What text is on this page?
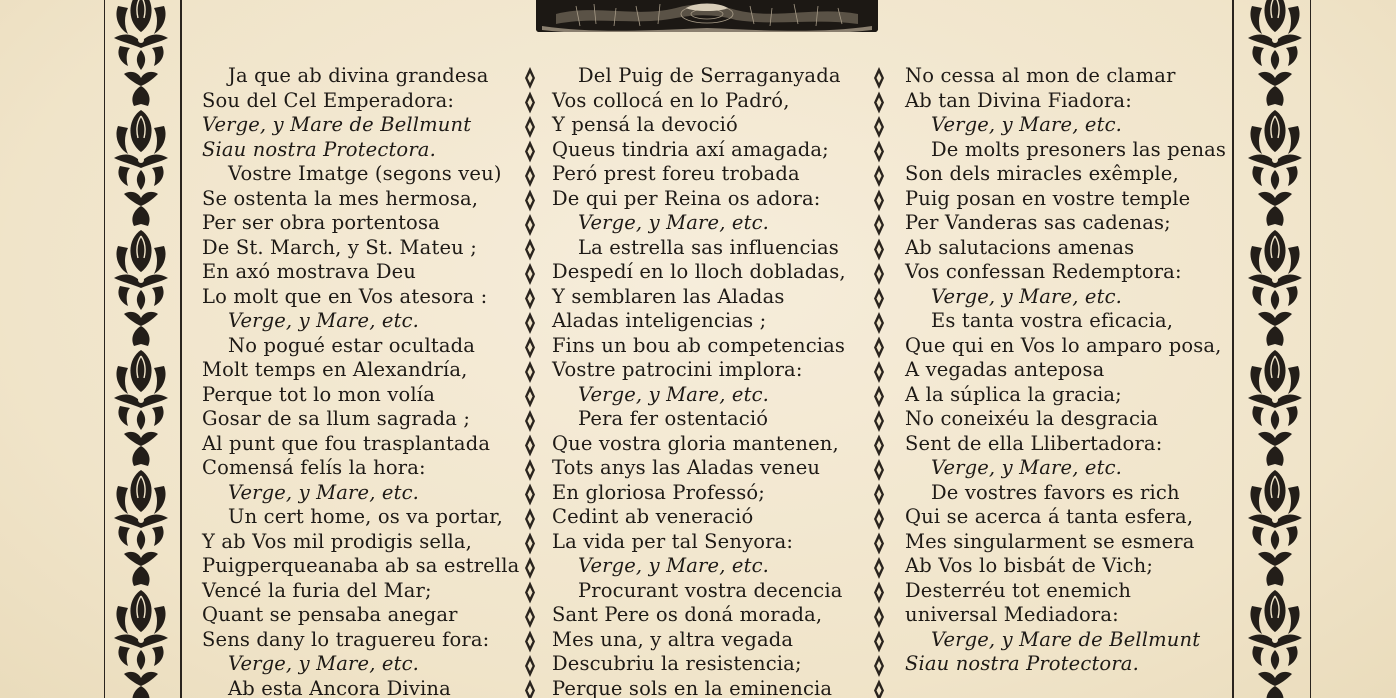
Ja que ab divina grandesa
Sou del Cel Emperadora:
Verge, y Mare de Bellmunt
Siau nostra Protectora.
Vostre Imatge (segons veu)
Se ostenta la mes hermosa,
Per ser obra portentosa
De St. March, y St. Mateu ;
En axó mostrava Deu
Lo molt que en Vos atesora :
Verge, y Mare, etc.
No pogué estar ocultada
Molt temps en Alexandría,
Perque tot lo mon volía
Gosar de sa llum sagrada ;
Al punt que fou trasplantada
Comensá felís la hora:
Verge, y Mare, etc.
Un cert home, os va portar,
Y ab Vos mil prodigis sella,
Puigperqueanaba ab sa estrella
Vencé la furia del Mar;
Quant se pensaba anegar
Sens dany lo traguereu fora:
Verge, y Mare, etc.
Ab esta Ancora Divina
Del Puig de Serraganyada
Vos collocá en lo Padró,
Y pensá la devoció
Queus tindria axí amagada;
Peró prest foreu trobada
De qui per Reina os adora:
Verge, y Mare, etc.
La estrella sas influencias
Despedí en lo lloch dobladas,
Y semblaren las Aladas
Aladas inteligencias ;
Fins un bou ab competencias
Vostre patrocini implora:
Verge, y Mare, etc.
Pera fer ostentació
Que vostra gloria mantenen,
Tots anys las Aladas veneu
En gloriosa Professó;
Cedint ab veneració
La vida per tal Senyora:
Verge, y Mare, etc.
Procurant vostra decencia
Sant Pere os doná morada,
Mes una, y altra vegada
Descubriu la resistencia;
Perque sols en la eminencia
No cessa al mon de clamar
Ab tan Divina Fiadora:
Verge, y Mare, etc.
De molts presoners las penas
Son dels miracles exêmple,
Puig posan en vostre temple
Per Vanderas sas cadenas;
Ab salutacions amenas
Vos confessan Redemptora:
Verge, y Mare, etc.
Es tanta vostra eficacia,
Que qui en Vos lo amparo posa,
A vegadas anteposa
A la súplica la gracia;
No coneixéu la desgracia
Sent de ella Llibertadora:
Verge, y Mare, etc.
De vostres favors es rich
Qui se acerca á tanta esfera,
Mes singularment se esmera
Ab Vos lo bisbát de Vich;
Desterréu tot enemich
universal Mediadora:
Verge, y Mare de Bellmunt
Siau nostra Protectora.
